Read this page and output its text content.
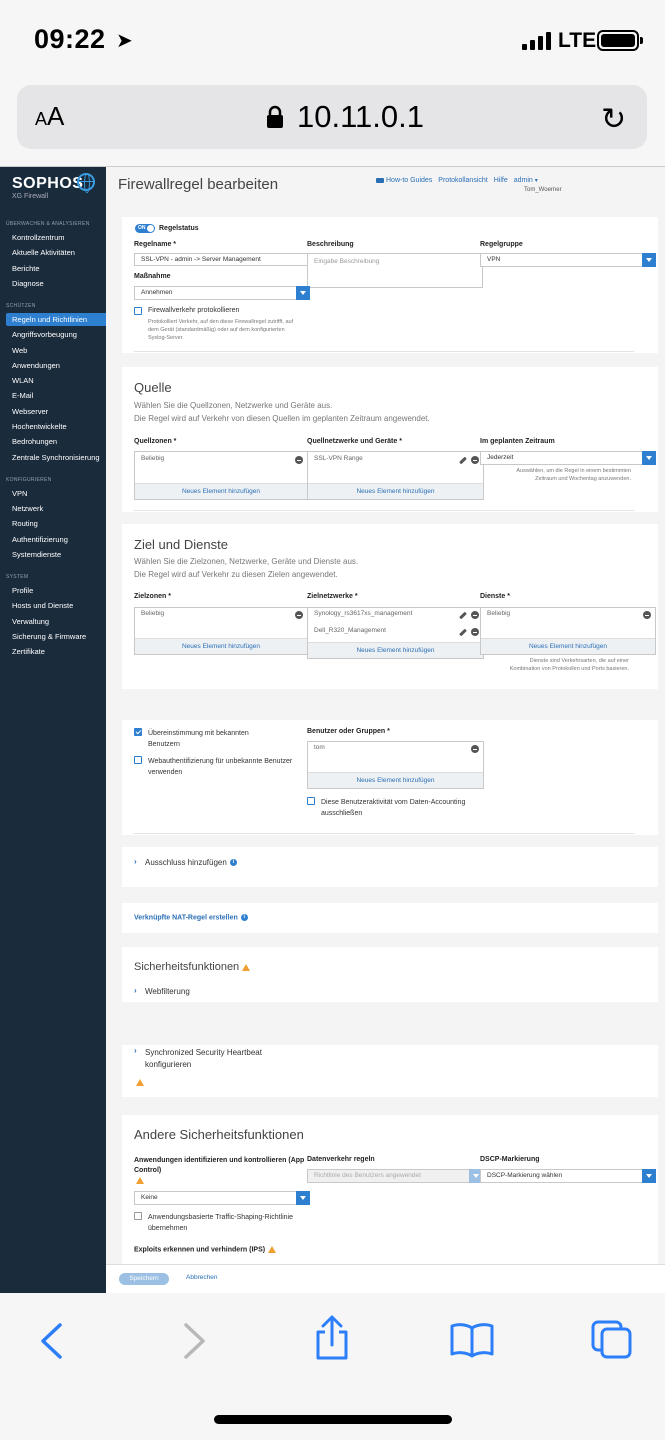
09:22 ➤	LTE
AA	10.11.0.1	↻
SOPHOS
XG Firewall
ÜBERWACHEN & ANALYSIEREN
Kontrollzentrum
Aktuelle Aktivitäten
Berichte
Diagnose
SCHÜTZEN
Regeln und Richtlinien
Angriffsvorbeugung
Web
Anwendungen
WLAN
E-Mail
Webserver
Hochentwickelte
Bedrohungen
Zentrale Synchronisierung
KONFIGURIEREN
VPN
Netzwerk
Routing
Authentifizierung
Systemdienste
SYSTEM
Profile
Hosts und Dienste
Verwaltung
Sicherung & Firmware
Zertifikate
Firewallregel bearbeiten	How-to Guides Protokollansicht Hilfe admin ▾
Tom_Woerner
ON Regelstatus
Regelname *
SSL-VPN - admin -> Server Management
Beschreibung
Eingabe Beschreibung
Regelgruppe
VPN
Maßnahme
Annehmen
Firewallverkehr protokollieren
Protokolliert Verkehr, auf den diese Firewallregel zutrifft, auf dem Gerät (standardmäßig) oder auf dem konfigurierten Syslog-Server.
Quelle
Wählen Sie die Quellzonen, Netzwerke und Geräte aus.
Die Regel wird auf Verkehr von diesen Quellen im geplanten Zeitraum angewendet.
Quellzonen *
Beliebig
Neues Element hinzufügen
Quellnetzwerke und Geräte *
SSL-VPN Range
Neues Element hinzufügen
Im geplanten Zeitraum
Jederzeit
Auswählen, um die Regel in einem bestimmten Zeitraum und Wochentag anzuwenden.
Ziel und Dienste
Wählen Sie die Zielzonen, Netzwerke, Geräte und Dienste aus.
Die Regel wird auf Verkehr zu diesen Zielen angewendet.
Zielzonen *
Beliebig
Neues Element hinzufügen
Zielnetzwerke *
Synology_rs3617xs_management
Dell_R320_Management
Neues Element hinzufügen
Dienste *
Beliebig
Neues Element hinzufügen
Dienste sind Verkehrsarten, die auf einer Kombination von Protokollen und Ports basieren.
Übereinstimmung mit bekannten Benutzern
Webauthentifizierung für unbekannte Benutzer verwenden
Benutzer oder Gruppen *
tom
Neues Element hinzufügen
Diese Benutzeraktivität vom Daten-Accounting ausschließen
› Ausschluss hinzufügen i
Verknüpfte NAT-Regel erstellen i
Sicherheitsfunktionen
› Webfilterung
› Synchronized Security Heartbeat konfigurieren
Andere Sicherheitsfunktionen
Anwendungen identifizieren und kontrollieren (App Control)
Keine
Anwendungsbasierte Traffic-Shaping-Richtlinie übernehmen
Exploits erkennen und verhindern (IPS)
Datenverkehr regeln
Richtlinie des Benutzers angewendet
DSCP-Markierung
DSCP-Markierung wählen
Speichern	Abbrechen
